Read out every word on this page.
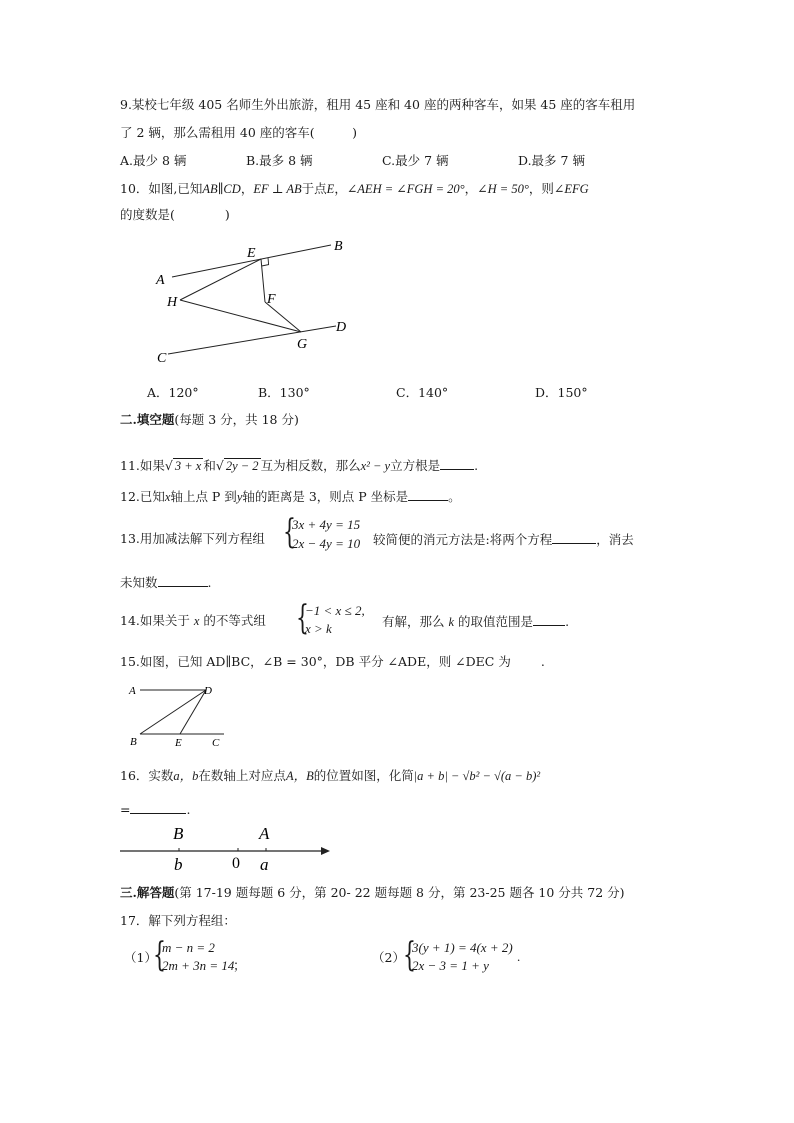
9.某校七年级 405 名师生外出旅游，租用 45 座和 40 座的两种客车，如果 45 座的客车租用
了 2 辆，那么需租用 40 座的客车(　　　)
A.最少 8 辆	B.最多 8 辆	C.最少 7 辆	D.最多 7 辆
10．如图,已知AB∥CD，EF ⊥ AB于点E，∠AEH = ∠FGH = 20°，∠H = 50°，则∠EFG
的度数是(　　　　)
A
B
C
D
E
F
G
H
A．120°	B．130°	C．140°	D．150°
二.填空题(每题 3 分，共 18 分)
11.如果√ 3 + x 和√ 2y − 2 互为相反数，那么x² − y立方根是	.
12.已知x轴上点 P 到y轴的距离是 3，则点 P 坐标是	。
13.用加减法解下列方程组 {
3x + 4y = 15
2x − 4y = 10 较简便的消元方法是:将两个方程	，消去
未知数	.
14.如果关于 x 的不等式组 {
−1 < x ≤ 2,
x > k	有解，那么 k 的取值范围是	.
15.如图，已知 AD∥BC，∠B = 30°，DB 平分 ∠ADE，则 ∠DEC 为 .
A	D
B	E	C
16．实数a，b在数轴上对应点A，B的位置如图，化简|a + b| − √b² − √(a − b)²
=	.
B	A
b	0 a
三.解答题(第 17-19 题每题 6 分，第 20- 22 题每题 8 分，第 23-25 题各 10 分共 72 分)
17．解下列方程组：
（1）
{
m − n = 2
2m + 3n = 14
；
（2）
{
3(y + 1) = 4(x + 2)
2x − 3 = 1 + y
.
